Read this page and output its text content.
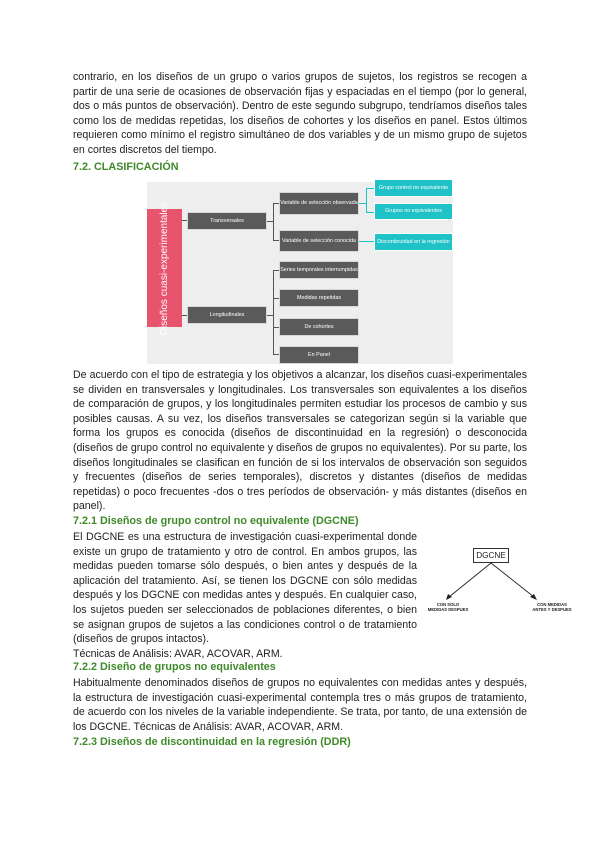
contrario, en los diseños de un grupo o varios grupos de sujetos, los registros se recogen a partir de una serie de ocasiones de observación fijas y espaciadas en el tiempo (por lo general, dos o más puntos de observación). Dentro de este segundo subgrupo, tendríamos diseños tales como los de medidas repetidas, los diseños de cohortes y los diseños en panel. Estos últimos requieren como mínimo el registro simultáneo de dos variables y de un mismo grupo de sujetos en cortes discretos del tiempo.

7.2. CLASIFICACIÓN

Diseños cuasi-experimentales	Transversales
Longitudinales
Variable de selección observada
Variable de selección conocida
Grupo control no equivalente
Grupos no equivalentes
Discontinuidad en la regresión
Series temporales interrumpidas
Medidas repetidas
De cohortes
En Panel

De acuerdo con el tipo de estrategia y los objetivos a alcanzar, los diseños cuasi-experimentales se dividen en transversales y longitudinales. Los transversales son equivalentes a los diseños de comparación de grupos, y los longitudinales permiten estudiar los procesos de cambio y sus posibles causas. A su vez, los diseños transversales se categorizan según si la variable que forma los grupos es conocida (diseños de discontinuidad en la regresión) o desconocida (diseños de grupo control no equivalente y diseños de grupos no equivalentes). Por su parte, los diseños longitudinales se clasifican en función de si los intervalos de observación son seguidos y frecuentes (diseños de series temporales), discretos y distantes (diseños de medidas repetidas) o poco frecuentes -dos o tres períodos de observación- y más distantes (diseños en panel).

7.2.1 Diseños de grupo control no equivalente (DGCNE)

El DGCNE es una estructura de investigación cuasi-experimental donde existe un grupo de tratamiento y otro de control. En ambos grupos, las medidas pueden tomarse sólo después, o bien antes y después de la aplicación del tratamiento. Así, se tienen los DGCNE con sólo medidas después y los DGCNE con medidas antes y después. En cualquier caso, los sujetos pueden ser seleccionados de poblaciones diferentes, o bien se asignan grupos de sujetos a las condiciones control o de tratamiento (diseños de grupos intactos).

Técnicas de Análisis: AVAR, ACOVAR, ARM.

DGCNE
CON SOLO
MEDIDAS DESPUES
CON MEDIDAS
ANTES Y DESPUES

7.2.2 Diseño de grupos no equivalentes

Habitualmente denominados diseños de grupos no equivalentes con medidas antes y después, la estructura de investigación cuasi-experimental contempla tres o más grupos de tratamiento, de acuerdo con los niveles de la variable independiente. Se trata, por tanto, de una extensión de los DGCNE. Técnicas de Análisis: AVAR, ACOVAR, ARM.

7.2.3 Diseños de discontinuidad en la regresión (DDR)
